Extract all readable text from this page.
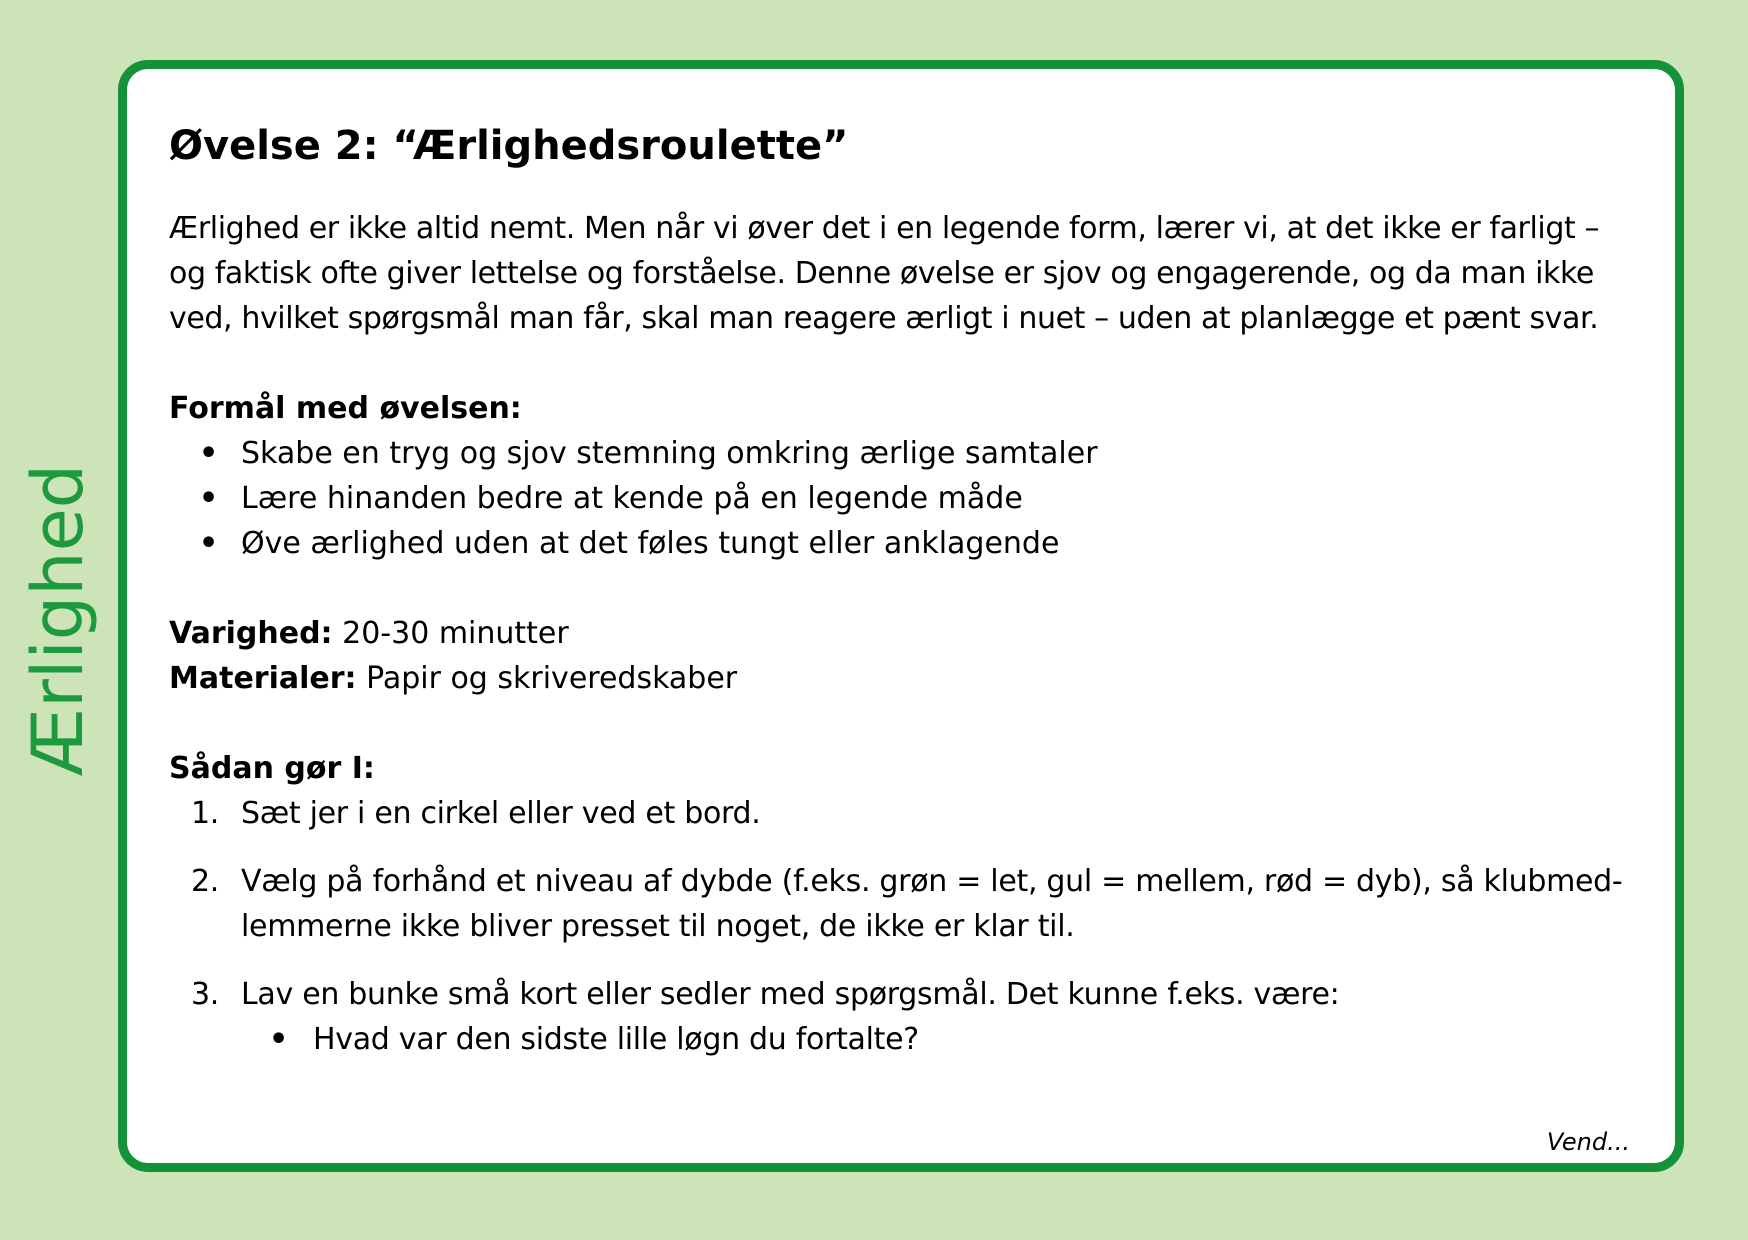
Ærlighed
Øvelse 2: “Ærlighedsroulette”

Ærlighed er ikke altid nemt. Men når vi øver det i en legende form, lærer vi, at det ikke er farligt – og faktisk ofte giver lettelse og forståelse. Denne øvelse er sjov og engagerende, og da man ikke ved, hvilket spørgsmål man får, skal man reagere ærligt i nuet – uden at planlægge et pænt svar.

Formål med øvelsen:

• Skabe en tryg og sjov stemning omkring ærlige samtaler
• Lære hinanden bedre at kende på en legende måde
• Øve ærlighed uden at det føles tungt eller anklagende

Varighed: 20-30 minutter

Materialer: Papir og skriveredskaber

Sådan gør I:

1. Sæt jer i en cirkel eller ved et bord.
2. Vælg på forhånd et niveau af dybde (f.eks. grøn = let, gul = mellem, rød = dyb), så klubmed-lemmerne ikke bliver presset til noget, de ikke er klar til.
3. Lav en bunke små kort eller sedler med spørgsmål. Det kunne f.eks. være:
• Hvad var den sidste lille løgn du fortalte?
Vend...
